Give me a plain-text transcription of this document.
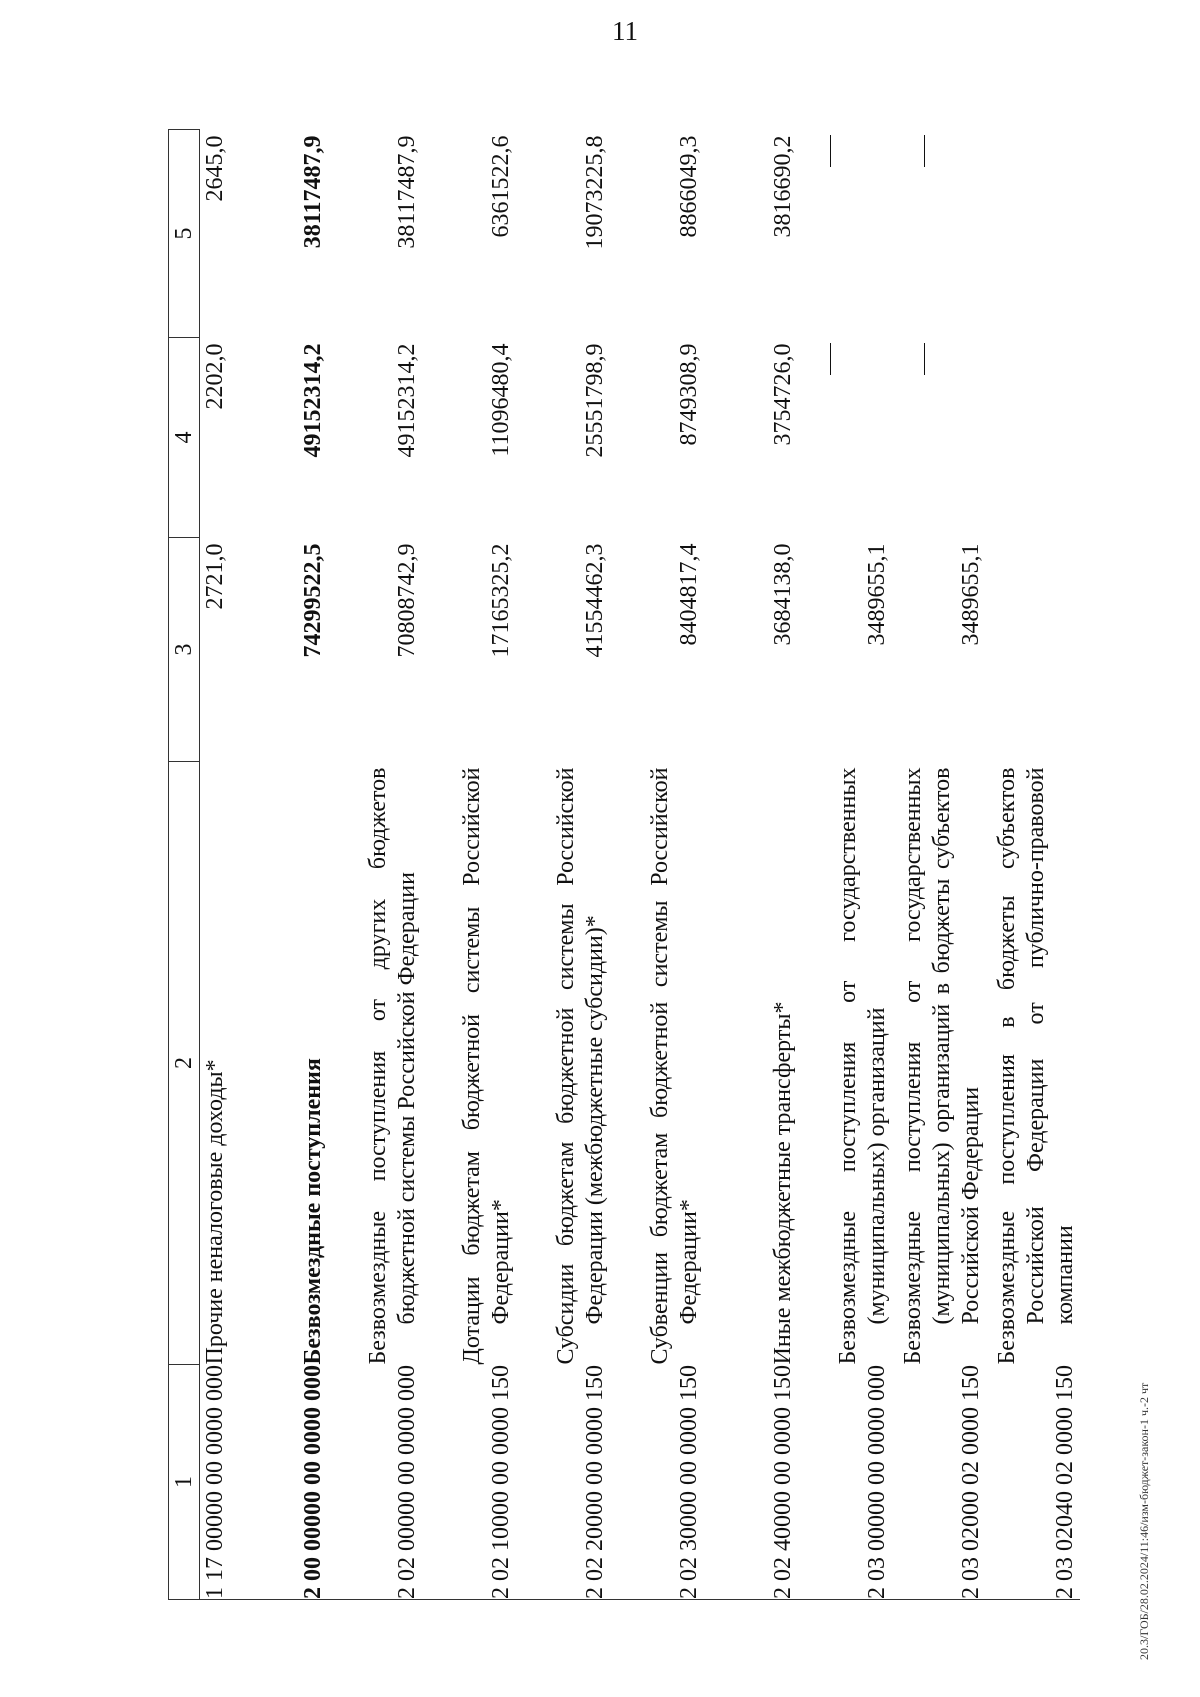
11
1	2	3	4	5
1 17 00000 00 0000 000	Прочие неналоговые доходы*	2721,0	2202,0	2645,0
2 00 00000 00 0000 000	Безвозмездные поступления	74299522,5	49152314,2	38117487,9
2 02 00000 00 0000 000	Безвозмездные поступления от других бюджетов бюджетной системы Российской Федерации	70808742,9	49152314,2	38117487,9
2 02 10000 00 0000 150	Дотации бюджетам бюджетной системы Российской Федерации*	17165325,2	11096480,4	6361522,6
2 02 20000 00 0000 150	Субсидии бюджетам бюджетной системы Российской Федерации (межбюджетные субсидии)*	41554462,3	25551798,9	19073225,8
2 02 30000 00 0000 150	Субвенции бюджетам бюджетной системы Российской Федерации*	8404817,4	8749308,9	8866049,3
2 02 40000 00 0000 150	Иные межбюджетные трансферты*	3684138,0	3754726,0	3816690,2
2 03 00000 00 0000 000	Безвозмездные поступления от государственных (муниципальных) организаций	3489655,1		
2 03 02000 02 0000 150	Безвозмездные поступления от государственных (муниципальных) организаций в бюджеты субъектов Российской Федерации	3489655,1		
2 03 02040 02 0000 150	Безвозмездные поступления в бюджеты субъектов Российской Федерации от публично-правовой компании			

20.3/ГОБ/28.02.2024/11:46/изм-бюджет-закон-1 ч.-2 чт
